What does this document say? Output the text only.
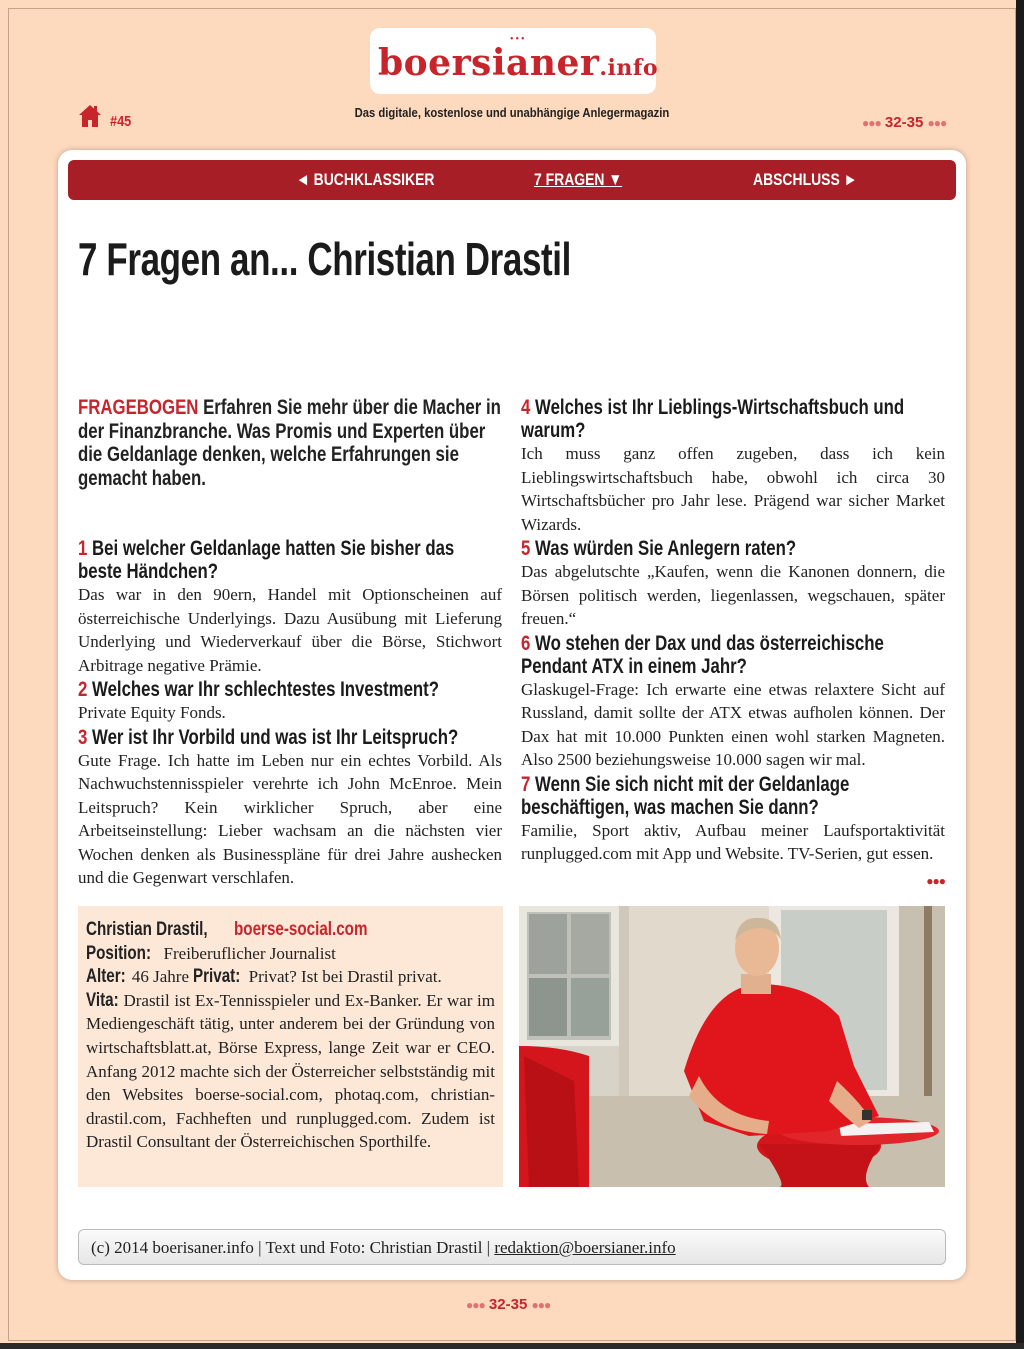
•••
boersianer.info
Das digitale, kostenlose und unabhängige Anlegermagazin
#45	●●● 32-35 ●●●
◄ BUCHKLASSIKER	7 FRAGEN ▼	ABSCHLUSS ►
7 Fragen an... Christian Drastil
FRAGEBOGEN Erfahren Sie mehr über die Macher in der Finanzbranche. Was Promis und Experten über die Geldanlage denken, welche Erfahrungen sie gemacht haben.
1 Bei welcher Geldanlage hatten Sie bisher das beste Händchen?
Das war in den 90ern, Handel mit Optionscheinen auf österreichische Underlyings. Dazu Ausübung mit Lieferung Underlying und Wiederverkauf über die Börse, Stichwort Arbitrage negative Prämie.
2 Welches war Ihr schlechtestes Investment?
Private Equity Fonds.
3 Wer ist Ihr Vorbild und was ist Ihr Leitspruch?
Gute Frage. Ich hatte im Leben nur ein echtes Vorbild. Als Nachwuchstennisspieler verehrte ich John McEnroe. Mein Leitspruch? Kein wirklicher Spruch, aber eine Arbeitseinstellung: Lieber wachsam an die nächsten vier Wochen denken als Businesspläne für drei Jahre aushecken und die Gegenwart verschlafen.
4 Welches ist Ihr Lieblings-Wirtschaftsbuch und warum?
Ich muss ganz offen zugeben, dass ich kein Lieblingswirtschaftsbuch habe, obwohl ich circa 30 Wirtschaftsbücher pro Jahr lese. Prägend war sicher Market Wizards.
5 Was würden Sie Anlegern raten?
Das abgelutschte „Kaufen, wenn die Kanonen donnern, die Börsen politisch werden, liegenlassen, wegschauen, später freuen.“
6 Wo stehen der Dax und das österreichische Pendant ATX in einem Jahr?
Glaskugel-Frage: Ich erwarte eine etwas relaxtere Sicht auf Russland, damit sollte der ATX etwas aufholen können. Der Dax hat mit 10.000 Punkten einen wohl starken Magneten. Also 2500 beziehungsweise 10.000 sagen wir mal.
7 Wenn Sie sich nicht mit der Geldanlage beschäftigen, was machen Sie dann?
Familie, Sport aktiv, Aufbau meiner Laufsportaktivität runplugged.com mit App und Website. TV-Serien, gut essen.
●●●
Christian Drastil, boerse-social.com
Position: Freiberuflicher Journalist
Alter: 46 Jahre Privat: Privat? Ist bei Drastil privat.
Vita: Drastil ist Ex-Tennisspieler und Ex-Banker. Er war im Mediengeschäft tätig, unter anderem bei der Gründung von wirtschaftsblatt.at, Börse Express, lange Zeit war er CEO. Anfang 2012 machte sich der Österreicher selbstständig mit den Websites boerse-social.com, photaq.com, christian-drastil.com, Fachheften und runplugged.com. Zudem ist Drastil Consultant der Österreichischen Sporthilfe.
(c) 2014 boerisaner.info | Text und Foto: Christian Drastil | redaktion@boersianer.info
●●● 32-35 ●●●
